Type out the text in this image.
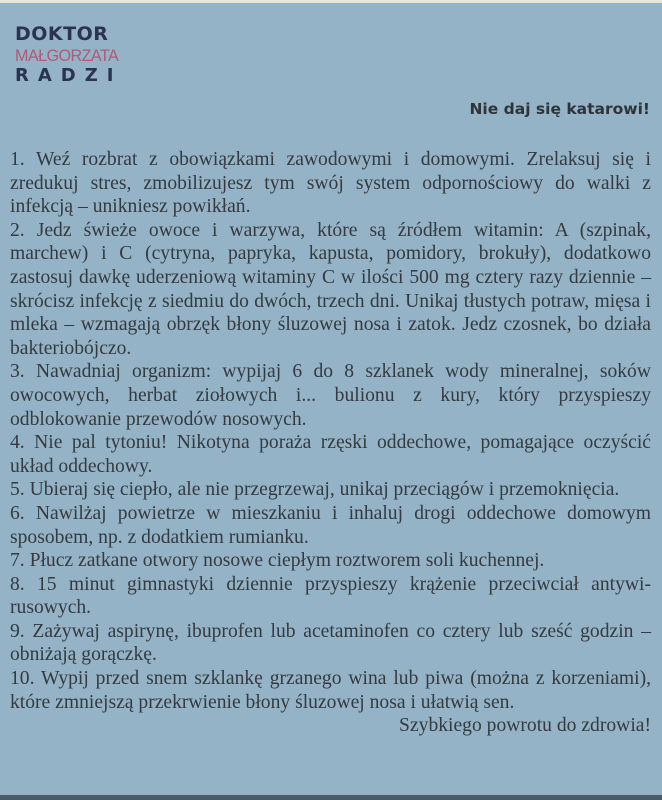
DOKTOR
MAŁGORZATA
RADZI
Nie daj się katarowi!

1. Weź rozbrat z obowiązkami zawodowymi i domowymi. Zrelaksuj się i zredukuj stres, zmobilizujesz tym swój system odpornościowy do walki z infekcją – unikniesz powikłań.

2. Jedz świeże owoce i warzywa, które są źródłem witamin: A (szpinak, marchew) i C (cytryna, papryka, kapusta, pomidory, brokuły), dodatkowo zastosuj dawkę uderzeniową witaminy C w ilości 500 mg cztery razy dziennie – skrócisz infekcję z siedmiu do dwóch, trzech dni. Unikaj tłustych potraw, mięsa i mleka – wzmagają obrzęk błony śluzowej nosa i zatok. Jedz czosnek, bo działa bakteriobójczo.

3. Nawadniaj organizm: wypijaj 6 do 8 szklanek wody mineralnej, soków owocowych, herbat ziołowych i... bulionu z kury, który przyspieszy odblokowanie przewodów nosowych.

4. Nie pal tytoniu! Nikotyna poraża rzęski oddechowe, pomagające oczyścić układ oddechowy.

5. Ubieraj się ciepło, ale nie przegrzewaj, unikaj przeciągów i przemoknięcia.

6. Nawilżaj powietrze w mieszkaniu i inhaluj drogi oddechowe domowym sposobem, np. z dodatkiem rumianku.

7. Płucz zatkane otwory nosowe ciepłym roztworem soli kuchennej.

8. 15 minut gimnastyki dziennie przyspieszy krążenie przeciwciał antywirusowych.

9. Zażywaj aspirynę, ibuprofen lub acetaminofen co cztery lub sześć godzin – obniżają gorączkę.

10. Wypij przed snem szklankę grzanego wina lub piwa (można z korzeniami), które zmniejszą przekrwienie błony śluzowej nosa i ułatwią sen.

Szybkiego powrotu do zdrowia!
